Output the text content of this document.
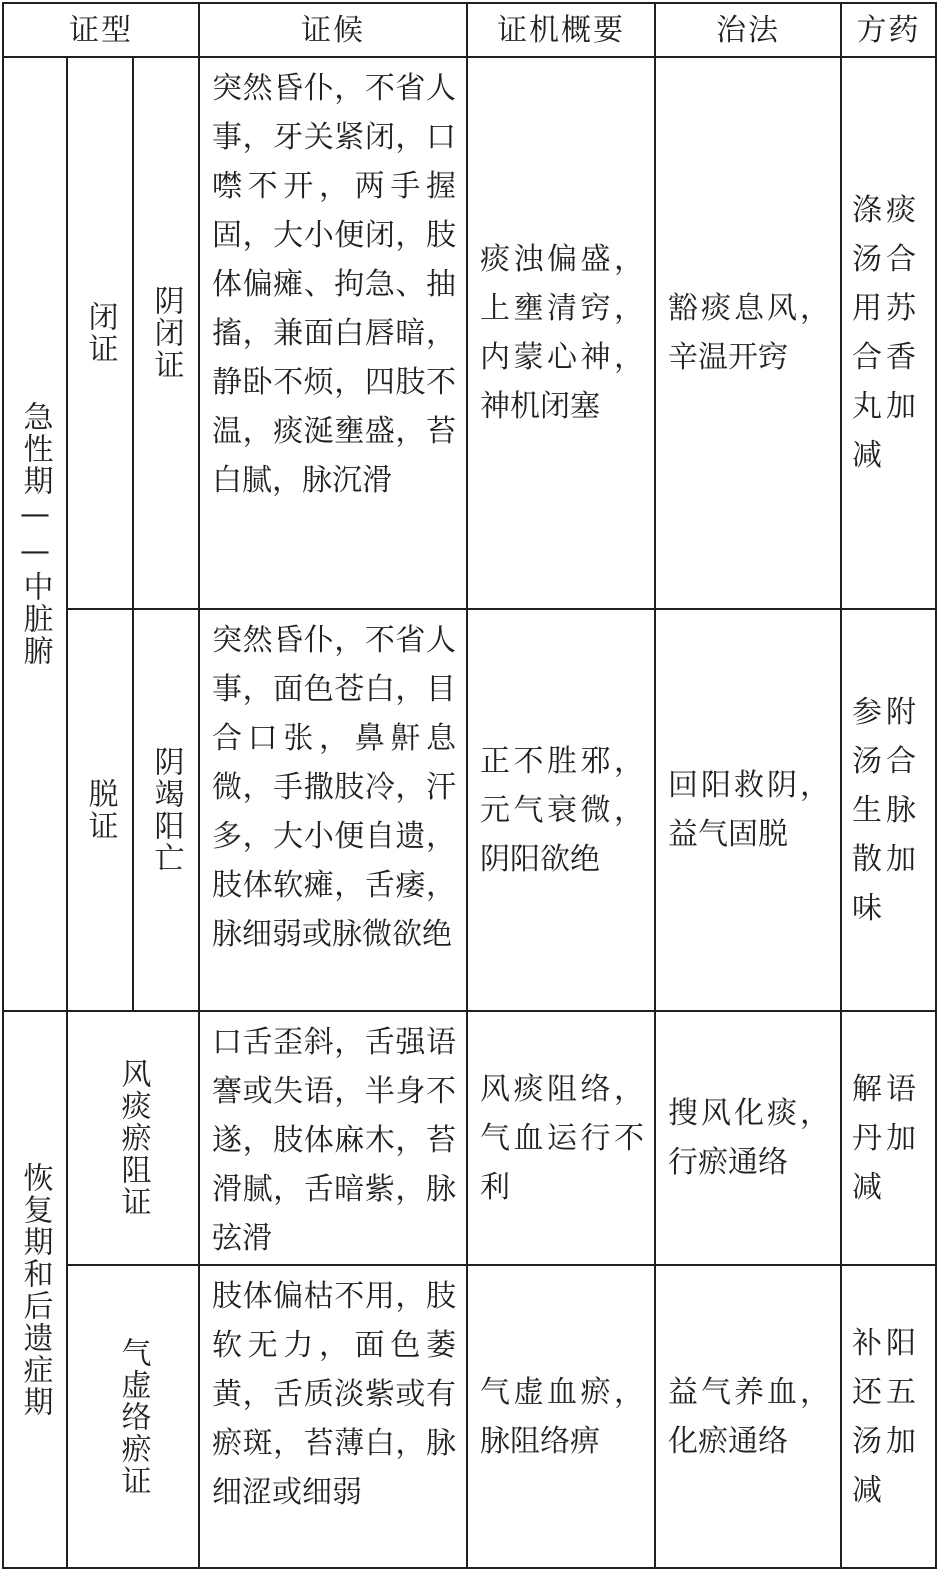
证型			证候	证机概要	治法	方药
急性期——中脏腑	闭证	阴闭证	突然昏仆，不省人事，牙关紧闭，口噤不开，两手握固，大小便闭，肢体偏瘫、拘急、抽搐，兼面白唇暗，静卧不烦，四肢不温，痰涎壅盛，苔白腻，脉沉滑	痰浊偏盛，上壅清窍，内蒙心神，神机闭塞	豁痰息风，辛温开窍	涤痰汤合用苏合香丸加减
	脱证	阴竭阳亡	突然昏仆，不省人事，面色苍白，目合口张，鼻鼾息微，手撒肢冷，汗多，大小便自遗，肢体软瘫，舌痿，脉细弱或脉微欲绝	正不胜邪，元气衰微，阴阳欲绝	回阳救阴，益气固脱	参附汤合生脉散加味
恢复期和后遗症期	风痰瘀阻证		口舌歪斜，舌强语謇或失语，半身不遂，肢体麻木，苔滑腻，舌暗紫，脉弦滑	风痰阻络，气血运行不利	搜风化痰，行瘀通络	解语丹加减
	气虚络瘀证		肢体偏枯不用，肢软无力，面色萎黄，舌质淡紫或有瘀斑，苔薄白，脉细涩或细弱	气虚血瘀，脉阻络痹	益气养血，化瘀通络	补阳还五汤加减
